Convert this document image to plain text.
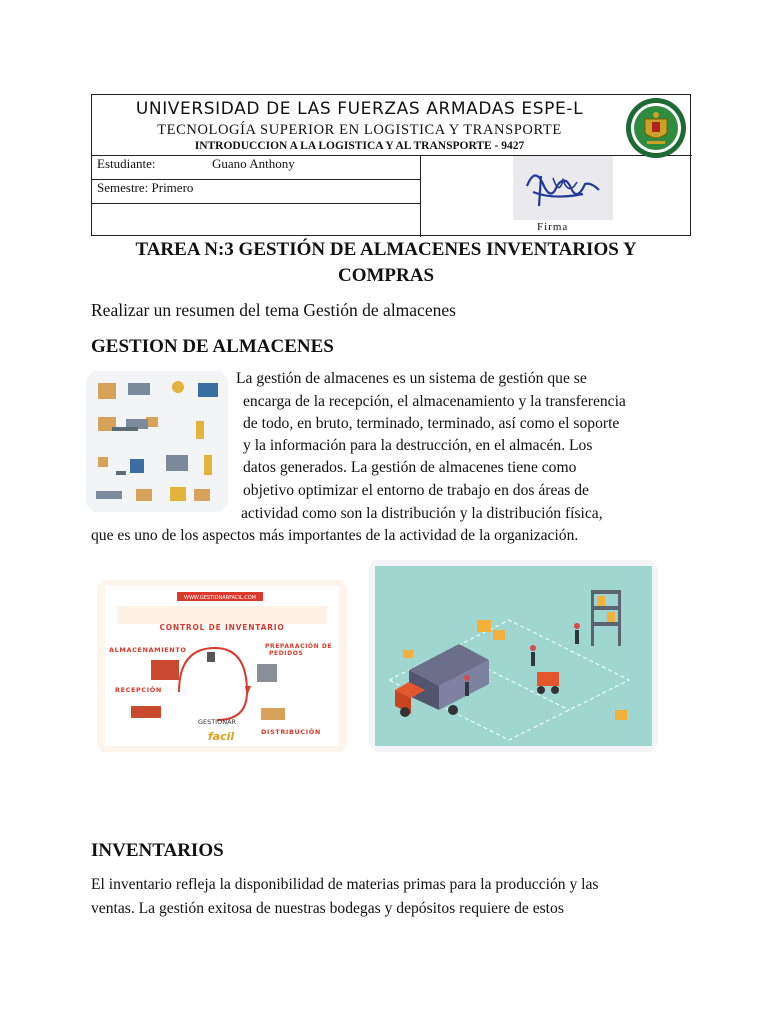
UNIVERSIDAD DE LAS FUERZAS ARMADAS ESPE-L
TECNOLOGÍA SUPERIOR EN LOGISTICA Y TRANSPORTE
INTRODUCCION A LA LOGISTICA Y AL TRANSPORTE - 9427
Estudiante:	Guano Anthony
Semestre: Primero
Firma
TAREA N:3 GESTIÓN DE ALMACENES INVENTARIOS Y
COMPRAS
Realizar un resumen del tema Gestión de almacenes
GESTION DE ALMACENES
La gestión de almacenes es un sistema de gestión que se
encarga de la recepción, el almacenamiento y la transferencia
de todo, en bruto, terminado, terminado, así como el soporte
y la información para la destrucción, en el almacén. Los
datos generados. La gestión de almacenes tiene como
objetivo optimizar el entorno de trabajo en dos áreas de
actividad como son la distribución y la distribución física,
que es uno de los aspectos más importantes de la actividad de la organización.
WWW.GESTIONARFACIL.COM
CONTROL DE INVENTARIO
ALMACENAMIENTO	PREPARACIÓN DE
PEDIDOS
RECEPCIÓN
DISTRIBUCIÓN
GESTIONAR
facil
INVENTARIOS
El inventario refleja la disponibilidad de materias primas para la producción y las
ventas. La gestión exitosa de nuestras bodegas y depósitos requiere de estos
